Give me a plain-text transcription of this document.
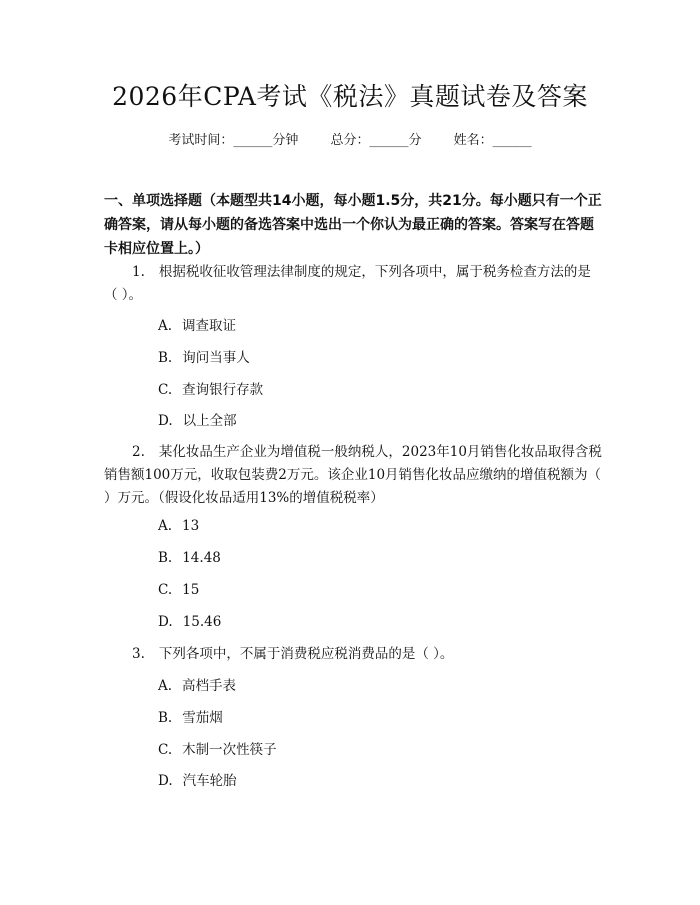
2026年CPA考试《税法》真题试卷及答案
考试时间：______分钟 总分：______分 姓名：______
一、单项选择题（本题型共14小题，每小题1.5分，共21分。每小题只有一个正确答案，请从每小题的备选答案中选出一个你认为最正确的答案。答案写在答题卡相应位置上。）
1. 根据税收征收管理法律制度的规定，下列各项中，属于税务检查方法的是（ ）。
A. 调查取证
B. 询问当事人
C. 查询银行存款
D. 以上全部
2. 某化妆品生产企业为增值税一般纳税人，2023年10月销售化妆品取得含税销售额100万元，收取包装费2万元。该企业10月销售化妆品应缴纳的增值税额为（ ）万元。（假设化妆品适用13%的增值税税率）
A. 13
B. 14.48
C. 15
D. 15.46
3. 下列各项中，不属于消费税应税消费品的是（ ）。
A. 高档手表
B. 雪茄烟
C. 木制一次性筷子
D. 汽车轮胎
